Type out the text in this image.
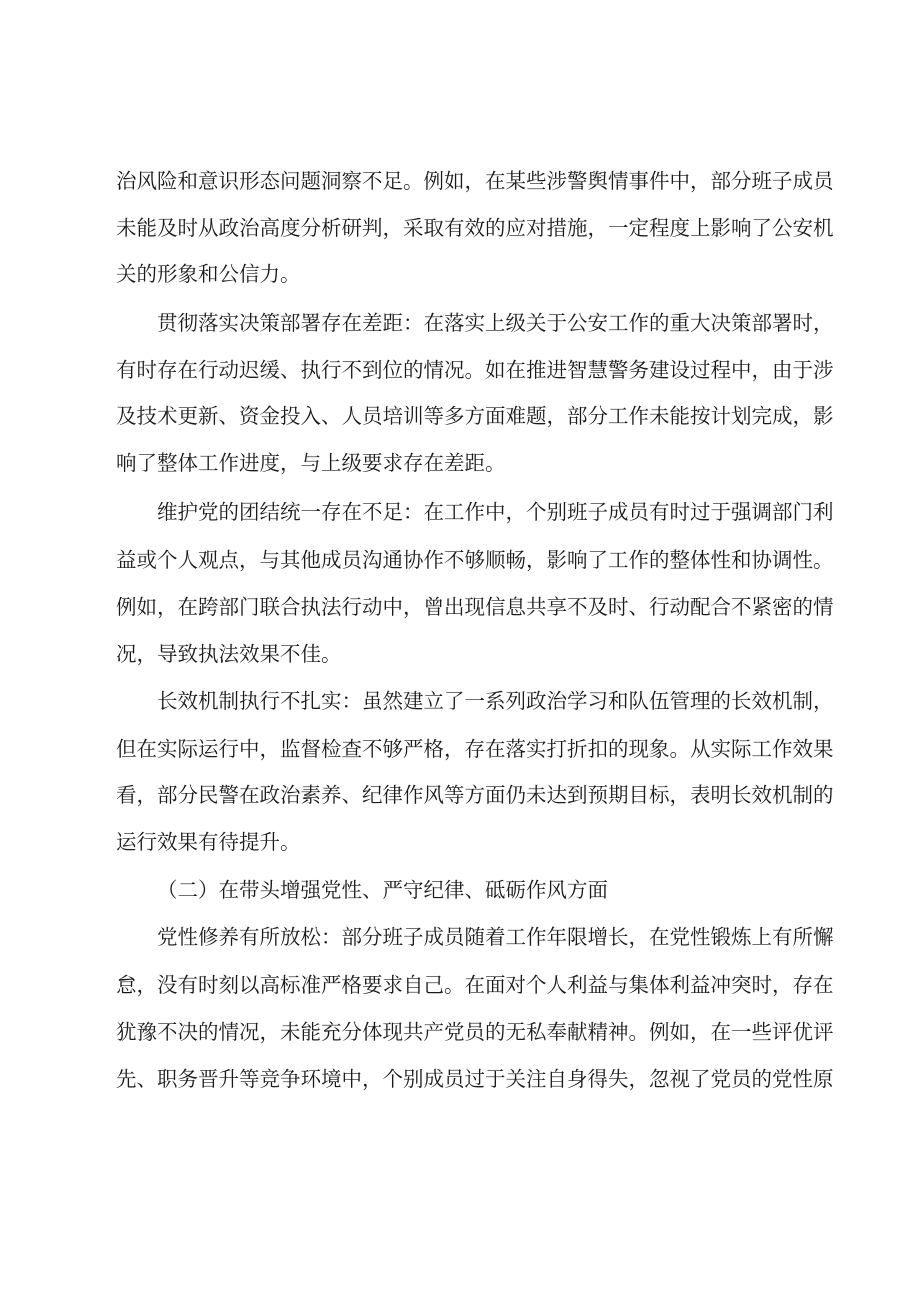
治风险和意识形态问题洞察不足。例如，在某些涉警舆情事件中，部分班子成员
未能及时从政治高度分析研判，采取有效的应对措施，一定程度上影响了公安机
关的形象和公信力。
贯彻落实决策部署存在差距：在落实上级关于公安工作的重大决策部署时，
有时存在行动迟缓、执行不到位的情况。如在推进智慧警务建设过程中，由于涉
及技术更新、资金投入、人员培训等多方面难题，部分工作未能按计划完成，影
响了整体工作进度，与上级要求存在差距。
维护党的团结统一存在不足：在工作中，个别班子成员有时过于强调部门利
益或个人观点，与其他成员沟通协作不够顺畅，影响了工作的整体性和协调性。
例如，在跨部门联合执法行动中，曾出现信息共享不及时、行动配合不紧密的情
况，导致执法效果不佳。
长效机制执行不扎实：虽然建立了一系列政治学习和队伍管理的长效机制，
但在实际运行中，监督检查不够严格，存在落实打折扣的现象。从实际工作效果
看，部分民警在政治素养、纪律作风等方面仍未达到预期目标，表明长效机制的
运行效果有待提升。
（二）在带头增强党性、严守纪律、砥砺作风方面
党性修养有所放松：部分班子成员随着工作年限增长，在党性锻炼上有所懈
怠，没有时刻以高标准严格要求自己。在面对个人利益与集体利益冲突时，存在
犹豫不决的情况，未能充分体现共产党员的无私奉献精神。例如，在一些评优评
先、职务晋升等竞争环境中，个别成员过于关注自身得失，忽视了党员的党性原
